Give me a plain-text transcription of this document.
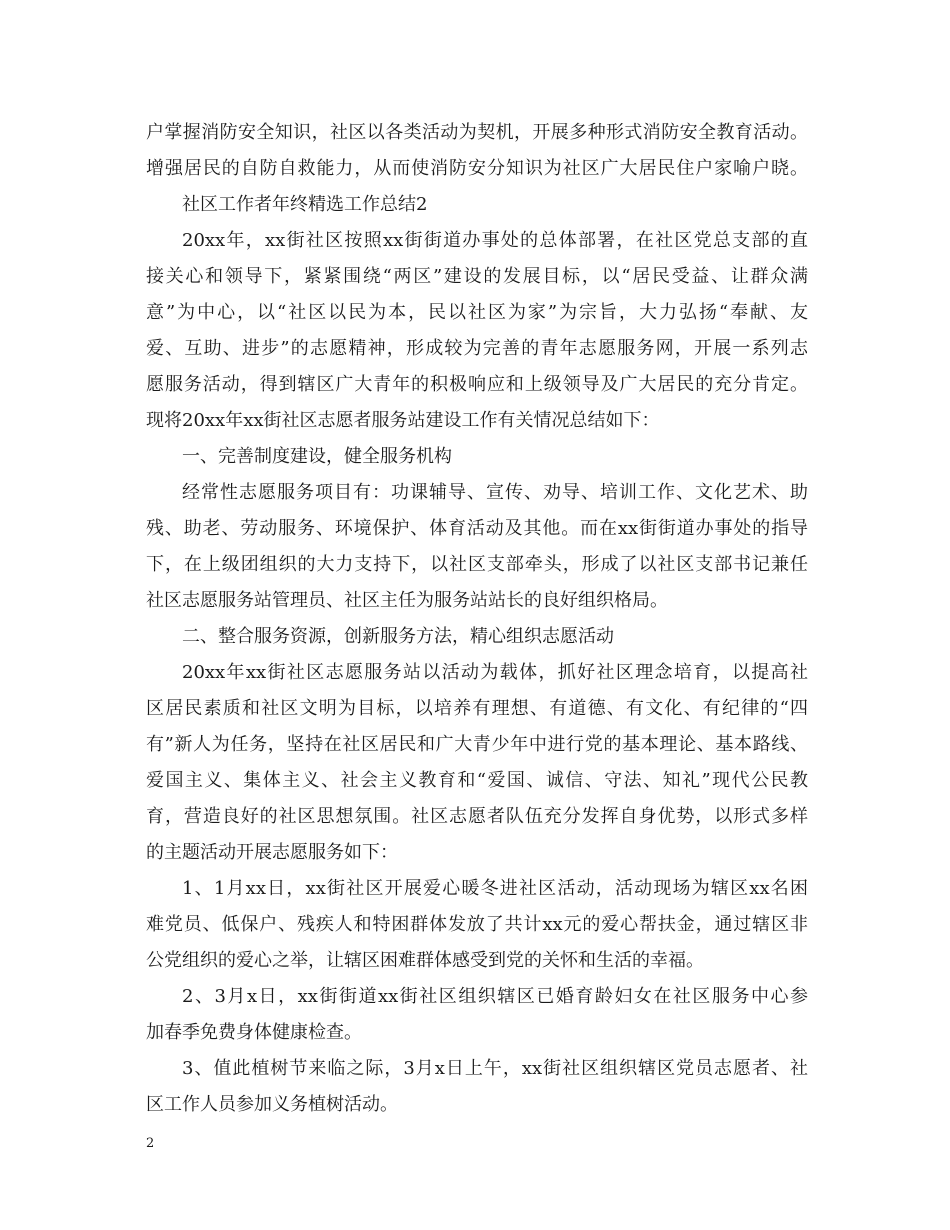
户掌握消防安全知识，社区以各类活动为契机，开展多种形式消防安全教育活动。
增强居民的自防自救能力，从而使消防安分知识为社区广大居民住户家喻户晓。
社区工作者年终精选工作总结2
20xx年，xx街社区按照xx街街道办事处的总体部署，在社区党总支部的直
接关心和领导下，紧紧围绕“两区”建设的发展目标，以“居民受益、让群众满
意”为中心，以“社区以民为本，民以社区为家”为宗旨，大力弘扬“奉献、友
爱、互助、进步”的志愿精神，形成较为完善的青年志愿服务网，开展一系列志
愿服务活动，得到辖区广大青年的积极响应和上级领导及广大居民的充分肯定。
现将20xx年xx街社区志愿者服务站建设工作有关情况总结如下：
一、完善制度建设，健全服务机构
经常性志愿服务项目有：功课辅导、宣传、劝导、培训工作、文化艺术、助
残、助老、劳动服务、环境保护、体育活动及其他。而在xx街街道办事处的指导
下，在上级团组织的大力支持下，以社区支部牵头，形成了以社区支部书记兼任
社区志愿服务站管理员、社区主任为服务站站长的良好组织格局。
二、整合服务资源，创新服务方法，精心组织志愿活动
20xx年xx街社区志愿服务站以活动为载体，抓好社区理念培育，以提高社
区居民素质和社区文明为目标，以培养有理想、有道德、有文化、有纪律的“四
有”新人为任务，坚持在社区居民和广大青少年中进行党的基本理论、基本路线、
爱国主义、集体主义、社会主义教育和“爱国、诚信、守法、知礼”现代公民教
育，营造良好的社区思想氛围。社区志愿者队伍充分发挥自身优势，以形式多样
的主题活动开展志愿服务如下：
1、1月xx日，xx街社区开展爱心暖冬进社区活动，活动现场为辖区xx名困
难党员、低保户、残疾人和特困群体发放了共计xx元的爱心帮扶金，通过辖区非
公党组织的爱心之举，让辖区困难群体感受到党的关怀和生活的幸福。
2、3月x日，xx街街道xx街社区组织辖区已婚育龄妇女在社区服务中心参
加春季免费身体健康检查。
3、值此植树节来临之际，3月x日上午，xx街社区组织辖区党员志愿者、社
区工作人员参加义务植树活动。
2
